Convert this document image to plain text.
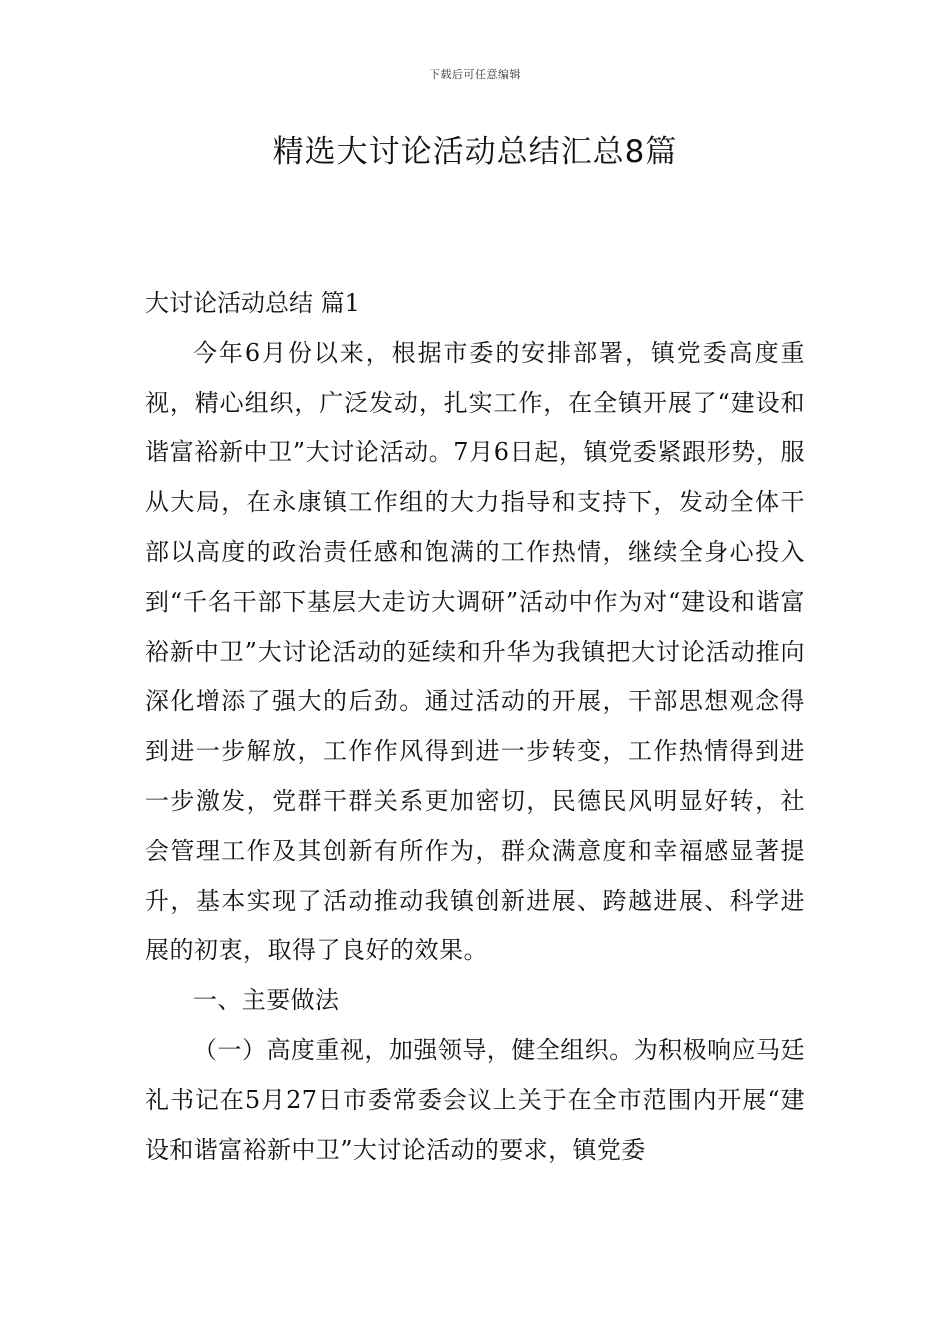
下载后可任意编辑
精选大讨论活动总结汇总8篇

大讨论活动总结 篇1

今年6月份以来，根据市委的安排部署，镇党委高度重视，精心组织，广泛发动，扎实工作，在全镇开展了“建设和谐富裕新中卫”大讨论活动。7月6日起，镇党委紧跟形势，服从大局，在永康镇工作组的大力指导和支持下，发动全体干部以高度的政治责任感和饱满的工作热情，继续全身心投入到“千名干部下基层大走访大调研”活动中作为对“建设和谐富裕新中卫”大讨论活动的延续和升华为我镇把大讨论活动推向深化增添了强大的后劲。通过活动的开展，干部思想观念得到进一步解放，工作作风得到进一步转变，工作热情得到进一步激发，党群干群关系更加密切，民德民风明显好转，社会管理工作及其创新有所作为，群众满意度和幸福感显著提升，基本实现了活动推动我镇创新进展、跨越进展、科学进展的初衷，取得了良好的效果。

一、主要做法

（一）高度重视，加强领导，健全组织。为积极响应马廷礼书记在5月27日市委常委会议上关于在全市范围内开展“建设和谐富裕新中卫”大讨论活动的要求，镇党委
